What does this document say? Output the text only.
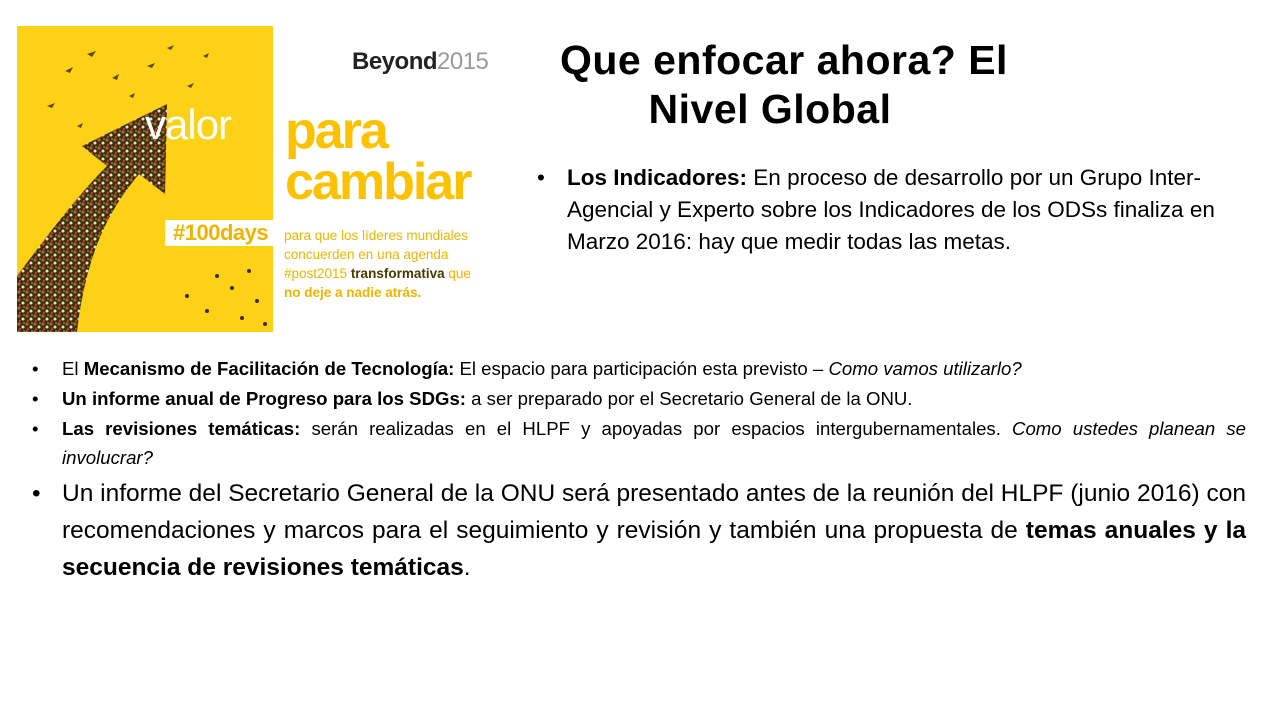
valor
#100days
Beyond2015
para
cambiar
para que los líderes mundiales
concuerden en una agenda
#post2015 transformativa que
no deje a nadie atrás.
Que enfocar ahora? El
Nivel Global
• Los Indicadores: En proceso de desarrollo por un Grupo Inter-Agencial y Experto sobre los Indicadores de los ODSs finaliza en Marzo 2016: hay que medir todas las metas.
• El Mecanismo de Facilitación de Tecnología: El espacio para participación esta previsto – Como vamos utilizarlo?
• Un informe anual de Progreso para los SDGs: a ser preparado por el Secretario General de la ONU.
• Las revisiones temáticas: serán realizadas en el HLPF y apoyadas por espacios intergubernamentales. Como ustedes planean se involucrar?
• Un informe del Secretario General de la ONU será presentado antes de la reunión del HLPF (junio 2016) con recomendaciones y marcos para el seguimiento y revisión y también una propuesta de temas anuales y la secuencia de revisiones temáticas.
